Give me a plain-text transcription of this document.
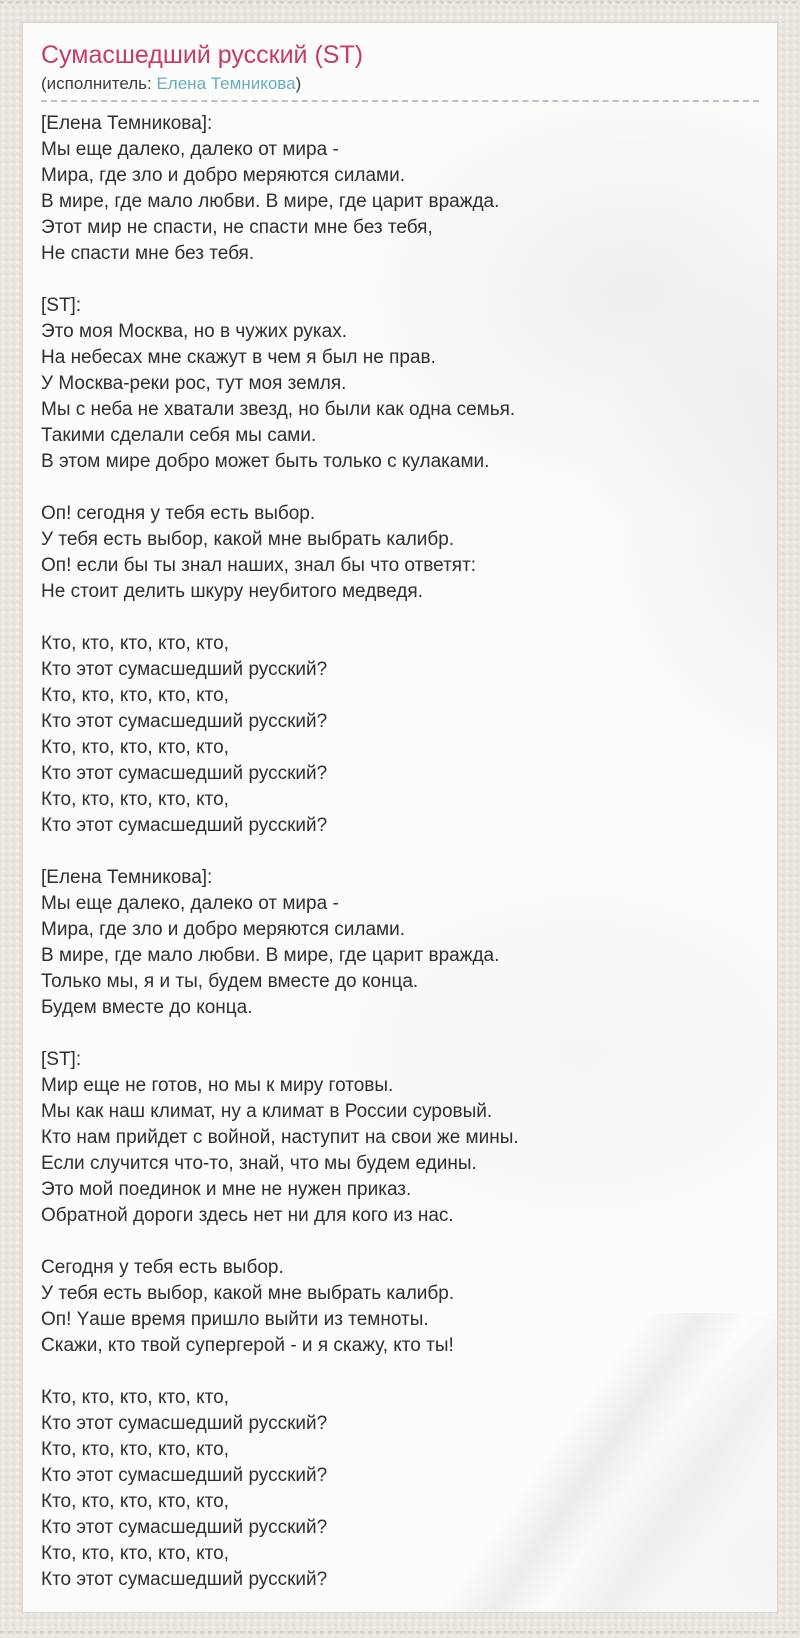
Сумасшедший русский (ST)
(исполнитель: Елена Темникова)

[Елена Темникова]:
Мы еще далеко, далеко от мира -
Мира, где зло и добро меряются силами.
В мире, где мало любви. В мире, где царит вражда.
Этот мир не спасти, не спасти мне без тебя,
Не спасти мне без тебя.

[ST]:
Это моя Москва, но в чужих руках.
На небесах мне скажут в чем я был не прав.
У Москва-реки рос, тут моя земля.
Мы с неба не хватали звезд, но были как одна семья.
Такими сделали себя мы сами.
В этом мире добро может быть только с кулаками.

Оп! сегодня у тебя есть выбор.
У тебя есть выбор, какой мне выбрать калибр.
Оп! если бы ты знал наших, знал бы что ответят:
Не стоит делить шкуру неубитого медведя.

Кто, кто, кто, кто, кто,
Кто этот сумасшедший русский?
Кто, кто, кто, кто, кто,
Кто этот сумасшедший русский?
Кто, кто, кто, кто, кто,
Кто этот сумасшедший русский?
Кто, кто, кто, кто, кто,
Кто этот сумасшедший русский?

[Елена Темникова]:
Мы еще далеко, далеко от мира -
Мира, где зло и добро меряются силами.
В мире, где мало любви. В мире, где царит вражда.
Только мы, я и ты, будем вместе до конца.
Будем вместе до конца.

[ST]:
Мир еще не готов, но мы к миру готовы.
Мы как наш климат, ну а климат в России суровый.
Кто нам прийдет с войной, наступит на свои же мины.
Если случится что-то, знай, что мы будем едины.
Это мой поединок и мне не нужен приказ.
Обратной дороги здесь нет ни для кого из нас.

Сегодня у тебя есть выбор.
У тебя есть выбор, какой мне выбрать калибр.
Оп! Yаше время пришло выйти из темноты.
Скажи, кто твой супергерой - и я скажу, кто ты!

Кто, кто, кто, кто, кто,
Кто этот сумасшедший русский?
Кто, кто, кто, кто, кто,
Кто этот сумасшедший русский?
Кто, кто, кто, кто, кто,
Кто этот сумасшедший русский?
Кто, кто, кто, кто, кто,
Кто этот сумасшедший русский?
